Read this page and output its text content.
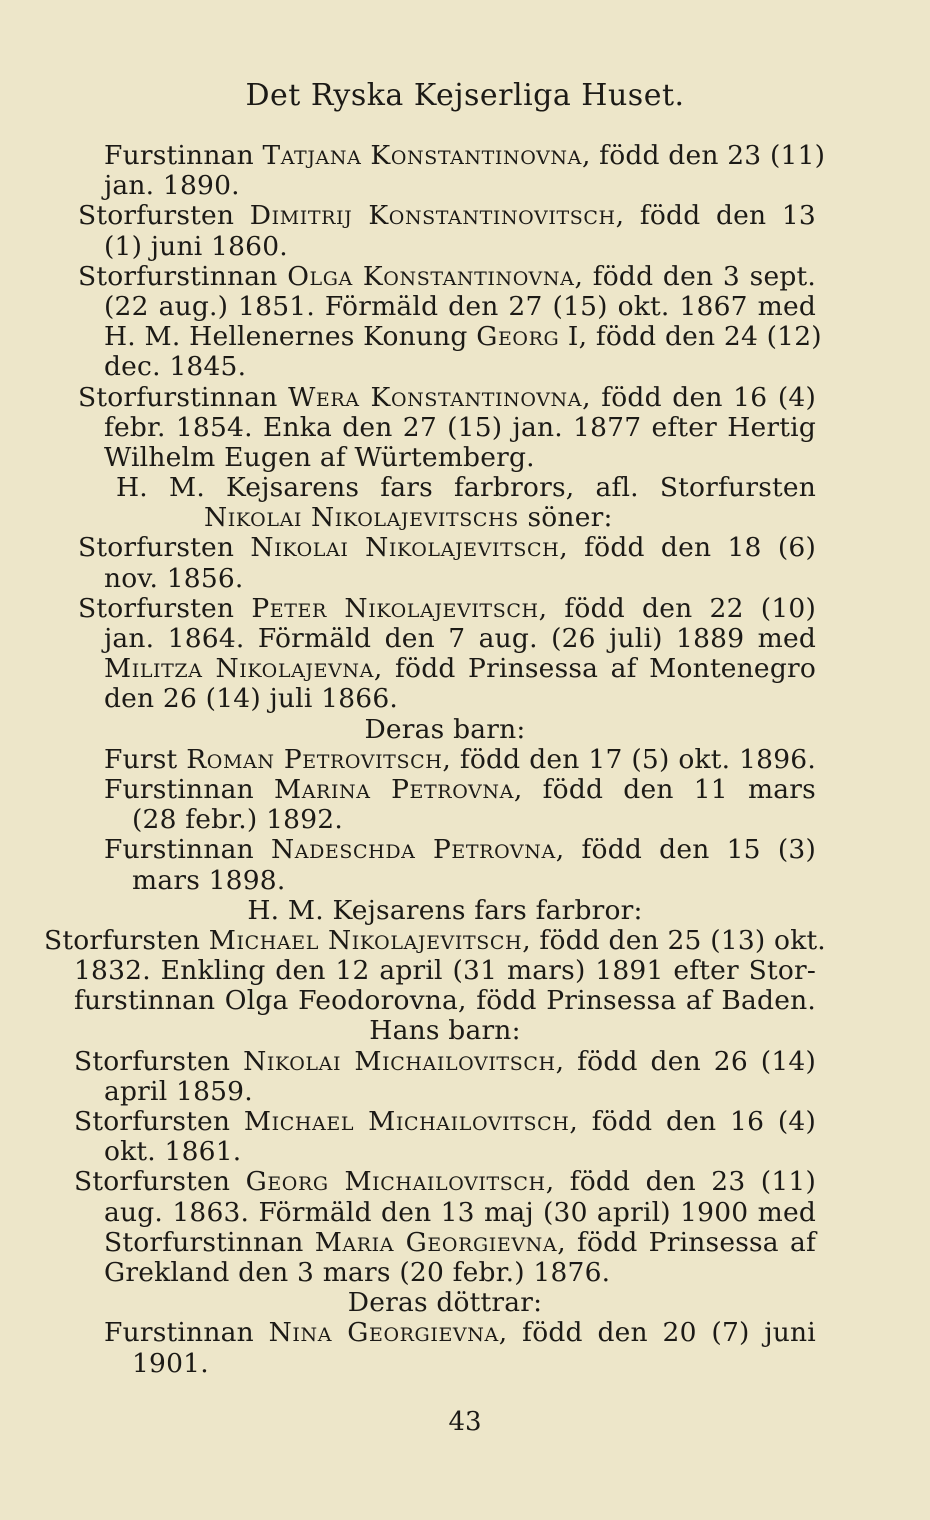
Det Ryska Kejserliga Huset.
Furstinnan Tatjana Konstantinovna, född den 23 (11)
jan. 1890.
Storfursten Dimitrij Konstantinovitsch, född den 13
(1) juni 1860.
Storfurstinnan Olga Konstantinovna, född den 3 sept.
(22 aug.) 1851. Förmäld den 27 (15) okt. 1867 med
H. M. Hellenernes Konung Georg I, född den 24 (12)
dec. 1845.
Storfurstinnan Wera Konstantinovna, född den 16 (4)
febr. 1854. Enka den 27 (15) jan. 1877 efter Hertig
Wilhelm Eugen af Würtemberg.
H. M. Kejsarens fars farbrors, afl. Storfursten
Nikolai Nikolajevitschs söner:
Storfursten Nikolai Nikolajevitsch, född den 18 (6)
nov. 1856.
Storfursten Peter Nikolajevitsch, född den 22 (10)
jan. 1864. Förmäld den 7 aug. (26 juli) 1889 med
Militza Nikolajevna, född Prinsessa af Montenegro
den 26 (14) juli 1866.
Deras barn:
Furst Roman Petrovitsch, född den 17 (5) okt. 1896.
Furstinnan Marina Petrovna, född den 11 mars
(28 febr.) 1892.
Furstinnan Nadeschda Petrovna, född den 15 (3)
mars 1898.
H. M. Kejsarens fars farbror:
Storfursten Michael Nikolajevitsch, född den 25 (13) okt.
1832. Enkling den 12 april (31 mars) 1891 efter Stor-
furstinnan Olga Feodorovna, född Prinsessa af Baden.
Hans barn:
Storfursten Nikolai Michailovitsch, född den 26 (14)
april 1859.
Storfursten Michael Michailovitsch, född den 16 (4)
okt. 1861.
Storfursten Georg Michailovitsch, född den 23 (11)
aug. 1863. Förmäld den 13 maj (30 april) 1900 med
Storfurstinnan Maria Georgievna, född Prinsessa af
Grekland den 3 mars (20 febr.) 1876.
Deras döttrar:
Furstinnan Nina Georgievna, född den 20 (7) juni
1901.
43
